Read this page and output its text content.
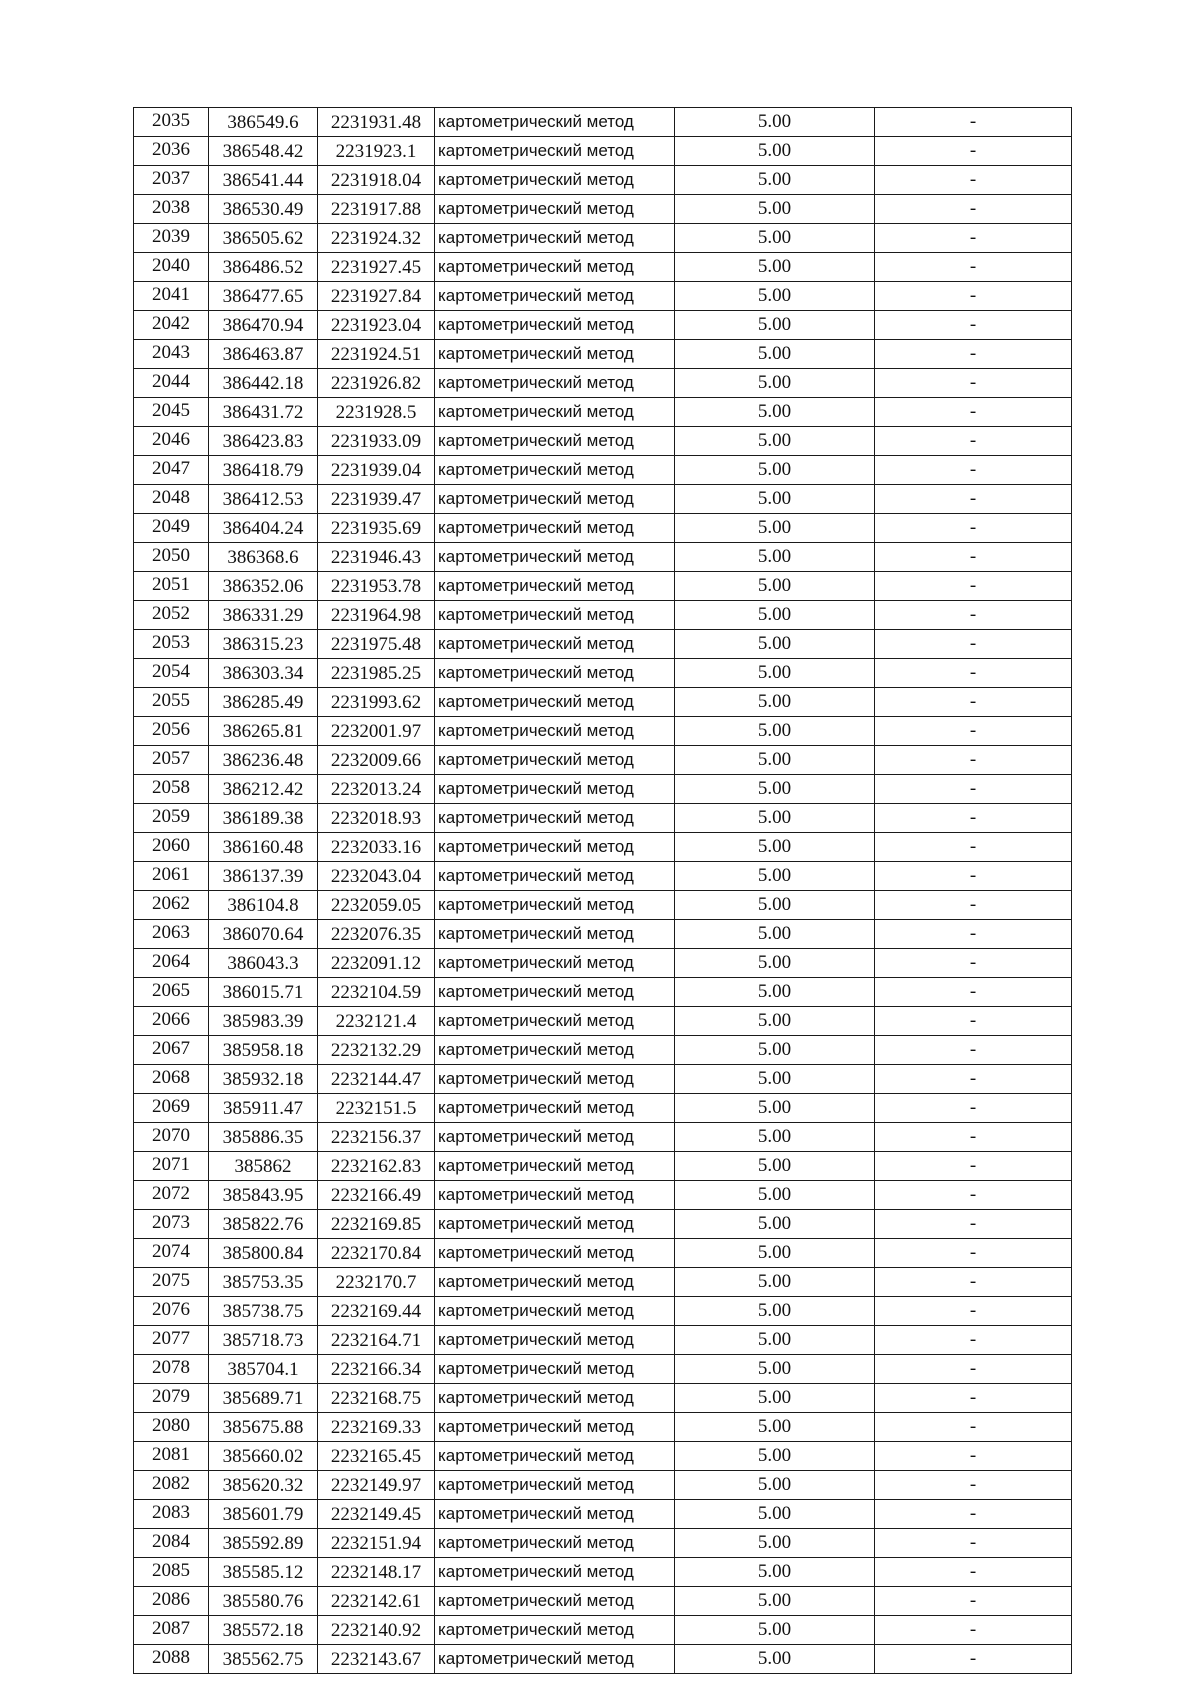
2035	386549.6	2231931.48	картометрический метод	5.00	-
2036	386548.42	2231923.1	картометрический метод	5.00	-
2037	386541.44	2231918.04	картометрический метод	5.00	-
2038	386530.49	2231917.88	картометрический метод	5.00	-
2039	386505.62	2231924.32	картометрический метод	5.00	-
2040	386486.52	2231927.45	картометрический метод	5.00	-
2041	386477.65	2231927.84	картометрический метод	5.00	-
2042	386470.94	2231923.04	картометрический метод	5.00	-
2043	386463.87	2231924.51	картометрический метод	5.00	-
2044	386442.18	2231926.82	картометрический метод	5.00	-
2045	386431.72	2231928.5	картометрический метод	5.00	-
2046	386423.83	2231933.09	картометрический метод	5.00	-
2047	386418.79	2231939.04	картометрический метод	5.00	-
2048	386412.53	2231939.47	картометрический метод	5.00	-
2049	386404.24	2231935.69	картометрический метод	5.00	-
2050	386368.6	2231946.43	картометрический метод	5.00	-
2051	386352.06	2231953.78	картометрический метод	5.00	-
2052	386331.29	2231964.98	картометрический метод	5.00	-
2053	386315.23	2231975.48	картометрический метод	5.00	-
2054	386303.34	2231985.25	картометрический метод	5.00	-
2055	386285.49	2231993.62	картометрический метод	5.00	-
2056	386265.81	2232001.97	картометрический метод	5.00	-
2057	386236.48	2232009.66	картометрический метод	5.00	-
2058	386212.42	2232013.24	картометрический метод	5.00	-
2059	386189.38	2232018.93	картометрический метод	5.00	-
2060	386160.48	2232033.16	картометрический метод	5.00	-
2061	386137.39	2232043.04	картометрический метод	5.00	-
2062	386104.8	2232059.05	картометрический метод	5.00	-
2063	386070.64	2232076.35	картометрический метод	5.00	-
2064	386043.3	2232091.12	картометрический метод	5.00	-
2065	386015.71	2232104.59	картометрический метод	5.00	-
2066	385983.39	2232121.4	картометрический метод	5.00	-
2067	385958.18	2232132.29	картометрический метод	5.00	-
2068	385932.18	2232144.47	картометрический метод	5.00	-
2069	385911.47	2232151.5	картометрический метод	5.00	-
2070	385886.35	2232156.37	картометрический метод	5.00	-
2071	385862	2232162.83	картометрический метод	5.00	-
2072	385843.95	2232166.49	картометрический метод	5.00	-
2073	385822.76	2232169.85	картометрический метод	5.00	-
2074	385800.84	2232170.84	картометрический метод	5.00	-
2075	385753.35	2232170.7	картометрический метод	5.00	-
2076	385738.75	2232169.44	картометрический метод	5.00	-
2077	385718.73	2232164.71	картометрический метод	5.00	-
2078	385704.1	2232166.34	картометрический метод	5.00	-
2079	385689.71	2232168.75	картометрический метод	5.00	-
2080	385675.88	2232169.33	картометрический метод	5.00	-
2081	385660.02	2232165.45	картометрический метод	5.00	-
2082	385620.32	2232149.97	картометрический метод	5.00	-
2083	385601.79	2232149.45	картометрический метод	5.00	-
2084	385592.89	2232151.94	картометрический метод	5.00	-
2085	385585.12	2232148.17	картометрический метод	5.00	-
2086	385580.76	2232142.61	картометрический метод	5.00	-
2087	385572.18	2232140.92	картометрический метод	5.00	-
2088	385562.75	2232143.67	картометрический метод	5.00	-
